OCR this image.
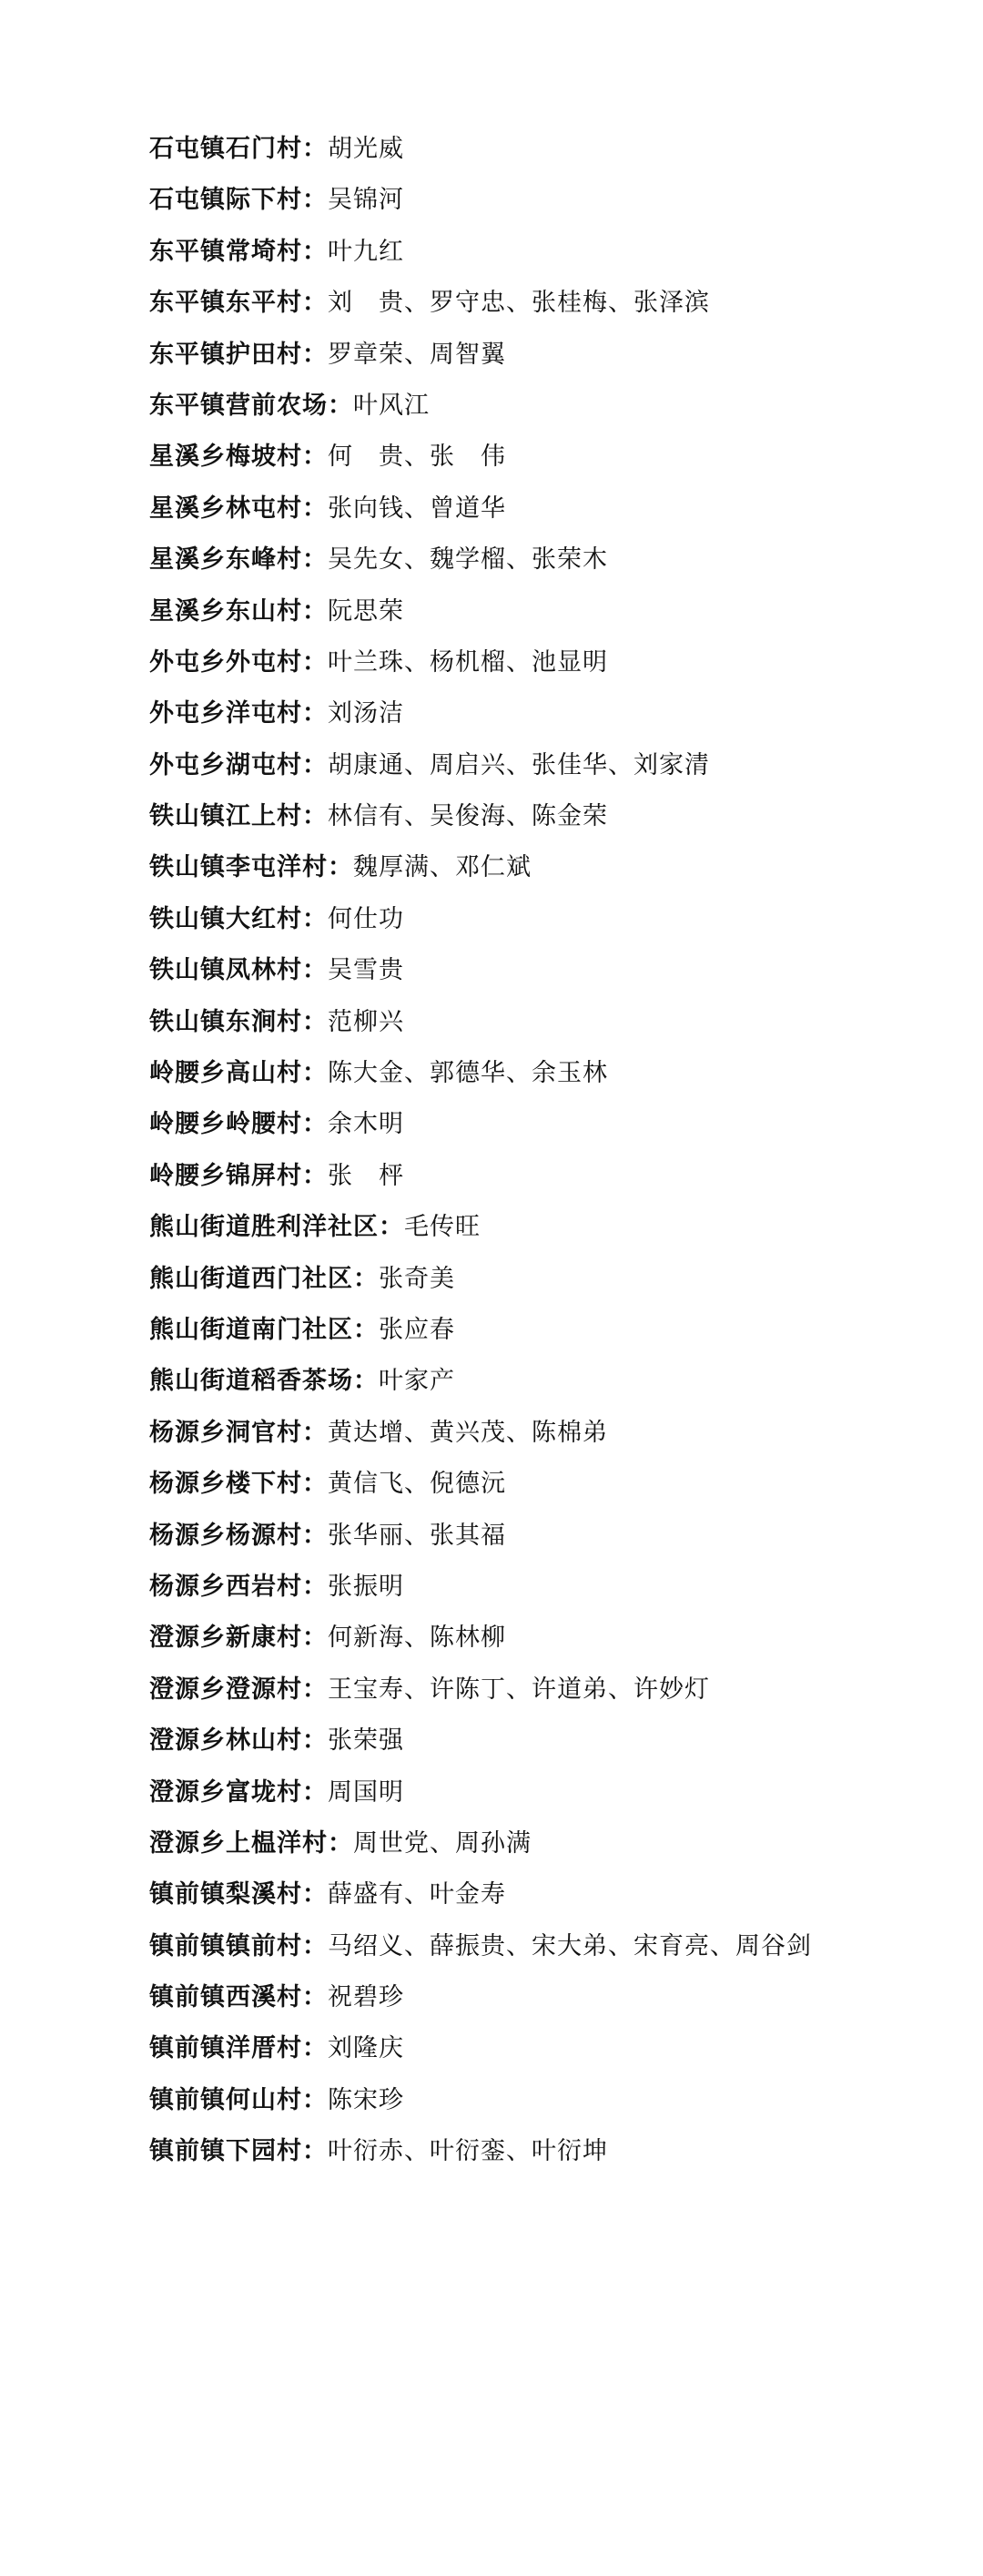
石屯镇石门村： 胡光威
石屯镇际下村： 吴锦河
东平镇常埼村： 叶九红
东平镇东平村： 刘　贵、罗守忠、张桂梅、张泽滨
东平镇护田村： 罗章荣、周智翼
东平镇营前农场： 叶风江
星溪乡梅坡村： 何　贵、张　伟
星溪乡林屯村： 张向钱、曾道华
星溪乡东峰村： 吴先女、魏学榴、张荣木
星溪乡东山村： 阮思荣
外屯乡外屯村： 叶兰珠、杨机榴、池显明
外屯乡洋屯村： 刘汤洁
外屯乡湖屯村： 胡康通、周启兴、张佳华、刘家清
铁山镇江上村： 林信有、吴俊海、陈金荣
铁山镇李屯洋村： 魏厚满、邓仁斌
铁山镇大红村： 何仕功
铁山镇凤林村： 吴雪贵
铁山镇东涧村： 范柳兴
岭腰乡高山村： 陈大金、郭德华、余玉林
岭腰乡岭腰村： 余木明
岭腰乡锦屏村： 张　枰
熊山街道胜利洋社区： 毛传旺
熊山街道西门社区： 张奇美
熊山街道南门社区： 张应春
熊山街道稻香茶场： 叶家产
杨源乡洞官村： 黄达增、黄兴茂、陈棉弟
杨源乡楼下村： 黄信飞、倪德沅
杨源乡杨源村： 张华丽、张其福
杨源乡西岩村： 张振明
澄源乡新康村： 何新海、陈林柳
澄源乡澄源村： 王宝寿、许陈丁、许道弟、许妙灯
澄源乡林山村： 张荣强
澄源乡富垅村： 周国明
澄源乡上榅洋村： 周世党、周孙满
镇前镇梨溪村： 薛盛有、叶金寿
镇前镇镇前村： 马绍义、薛振贵、宋大弟、宋育亮、周谷剑
镇前镇西溪村： 祝碧珍
镇前镇洋厝村： 刘隆庆
镇前镇何山村： 陈宋珍
镇前镇下园村： 叶衍赤、叶衍銮、叶衍坤
